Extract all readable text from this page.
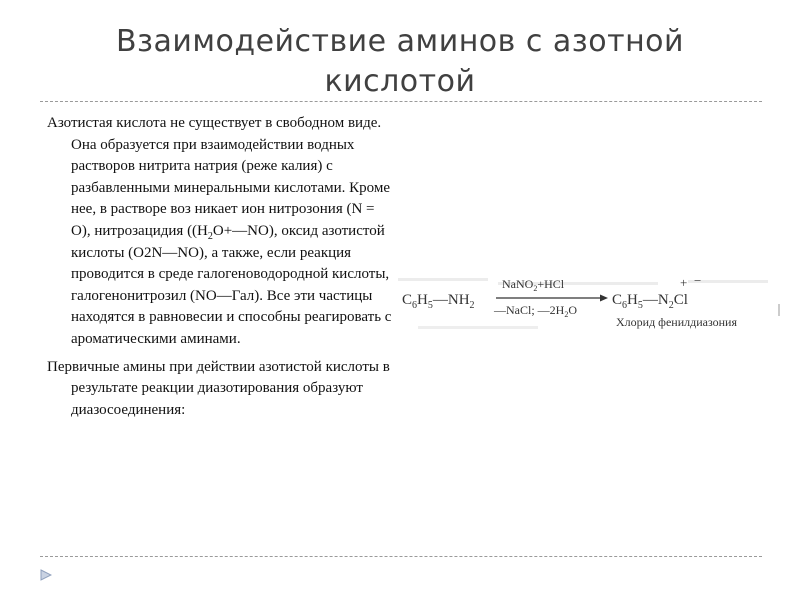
Взаимодействие аминов с азотной кислотой

Азотистая кислота не существует в свободном виде. Она образуется при взаимодействии водных растворов нитрита натрия (реже калия) с разбавленными минеральными кислотами. Кроме нее, в растворе воз никает ион нитрозония (N = O), нитрозацидия ($(H_2O+—NO)$, оксид азотистой кислоты (O2N—NO), а также, если реакция проводится в среде галогеноводородной кислоты, галогенонитрозил (NO—Гал). Все эти частицы находятся в равновесии и способны реагировать с ароматическими аминами.

Первичные амины при действии азотистой кислоты в результате реакции диазотирования образуют диазосоединения:

$C_6H_5—NH_2$
NaNO$_2$+HCl
—NaCl; $—2H_2O$
$C_6H_5—N_2Cl$
+ −
Хлорид фенилдиазония
